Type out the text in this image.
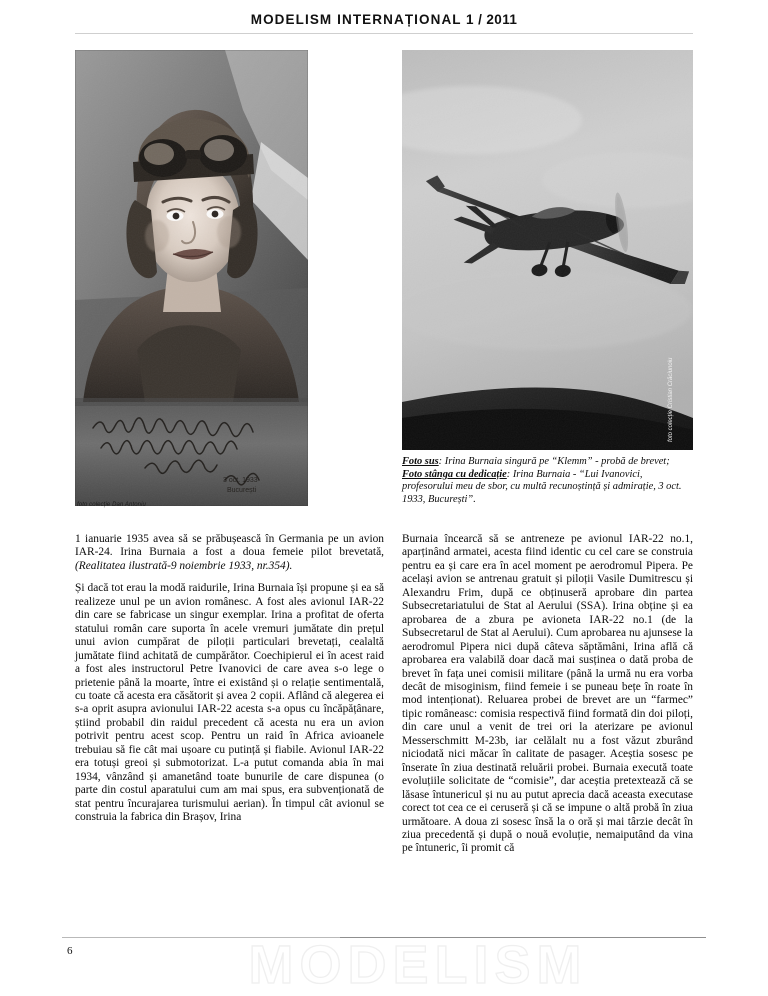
MODELISM INTERNAȚIONAL 1 / 2011
foto colecție Dan Antoniu
foto colecție Cristian Crăciunoiu

Foto sus: Irina Burnaia singură pe “Klemm” - probă de brevet;

Foto stânga cu dedicație: Irina Burnaia - “Lui Ivanovici, profesorului meu de sbor, cu multă recunoștință și admirație, 3 oct. 1933, București”.

1 ianuarie 1935 avea să se prăbușească în Germania pe un avion IAR-24. Irina Burnaia a fost a doua femeie pilot brevetată, (Realitatea ilustrată-9 noiembrie 1933, nr.354).

Și dacă tot erau la modă raidurile, Irina Burnaia își propune și ea să realizeze unul pe un avion românesc. A fost ales avionul IAR-22 din care se fabricase un singur exemplar. Irina a profitat de oferta statului român care suporta în acele vremuri jumătate din prețul unui avion cumpărat de piloții particulari brevetați, cealaltă jumătate fiind achitată de cumpărător. Coechipierul ei în acest raid a fost ales instructorul Petre Ivanovici de care avea s-o lege o prietenie până la moarte, între ei existând și o relație sentimentală, cu toate că acesta era căsătorit și avea 2 copii. Aflând că alegerea ei s-a oprit asupra avionului IAR-22 acesta s-a opus cu încăpățânare, știind probabil din raidul precedent că acesta nu era un avion potrivit pentru acest scop. Pentru un raid în Africa avioanele trebuiau să fie cât mai ușoare cu putință și fiabile. Avionul IAR-22 era totuși greoi și submotorizat. L-a putut comanda abia în mai 1934, vânzând și amanetând toate bunurile de care dispunea (o parte din costul aparatului cum am mai spus, era subvenționată de stat pentru încurajarea turismului aerian). În timpul cât avionul se construia la fabrica din Brașov, Irina

Burnaia încearcă să se antreneze pe avionul IAR-22 no.1, aparținând armatei, acesta fiind identic cu cel care se construia pentru ea și care era în acel moment pe aerodromul Pipera. Pe același avion se antrenau gratuit și piloții Vasile Dumitrescu și Alexandru Frim, după ce obținuseră aprobare din partea Subsecretariatului de Stat al Aerului (SSA). Irina obține și ea aprobarea de a zbura pe avioneta IAR-22 no.1 (de la Subsecretarul de Stat al Aerului). Cum aprobarea nu ajunsese la aerodromul Pipera nici după câteva săptămâni, Irina află că aprobarea era valabilă doar dacă mai susținea o dată proba de brevet în fața unei comisii militare (până la urmă nu era vorba decât de misoginism, fiind femeie i se puneau bețe în roate în mod intenționat). Reluarea probei de brevet are un “farmec” tipic româneasc: comisia respectivă fiind formată din doi piloți, din care unul a venit de trei ori la aterizare pe avionul Messerschmitt M-23b, iar celălalt nu a fost văzut zburând niciodată nici măcar în calitate de pasager. Aceștia sosesc pe înserate în ziua destinată reluării probei. Burnaia execută toate evoluțiile solicitate de “comisie”, dar aceștia pretextează că se lăsase întunericul și nu au putut aprecia dacă aceasta executase corect tot cea ce ei ceruseră și că se impune o altă probă în ziua următoare. A doua zi sosesc însă la o oră și mai târzie decât în ziua precedentă și după o nouă evoluție, nemaiputând da vina pe întuneric, îi promit că

6	MODELISM
